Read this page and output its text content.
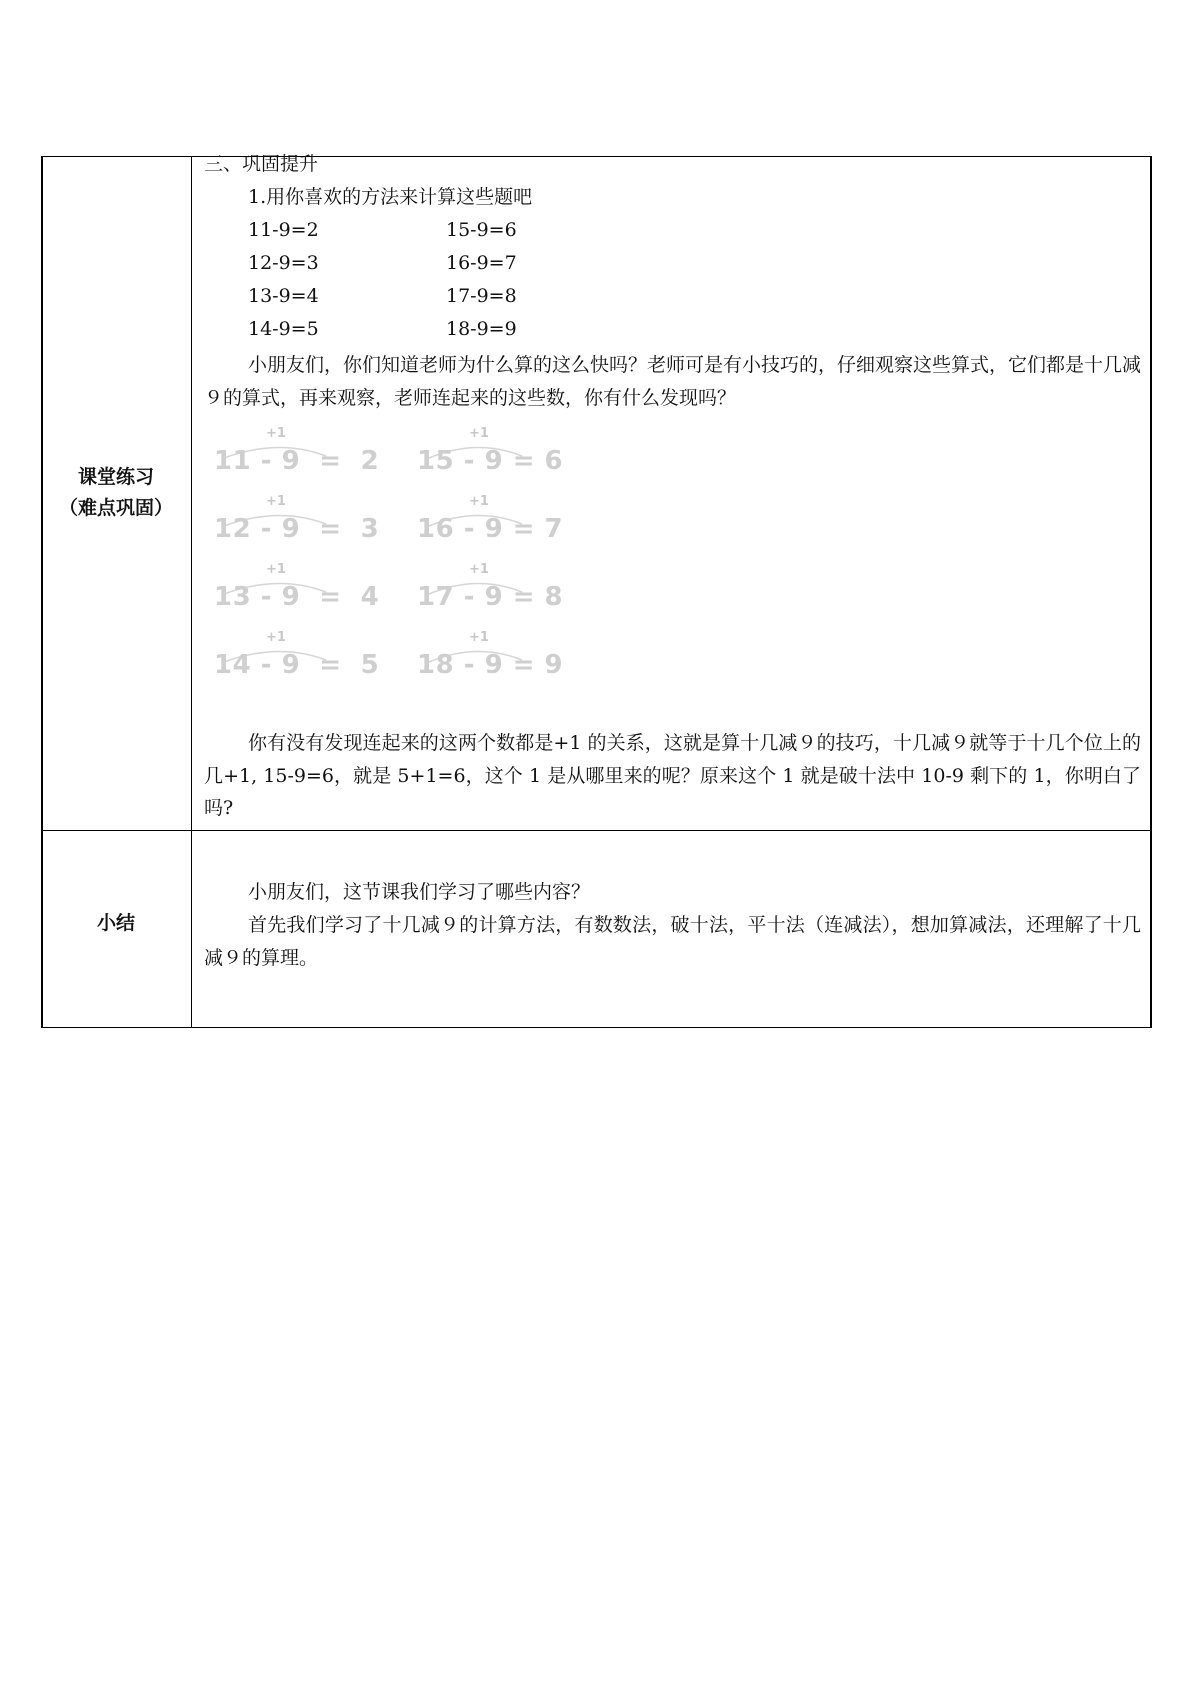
课堂练习
（难点巩固）
小结
三、巩固提升
1.用你喜欢的方法来计算这些题吧
11-9=2
12-9=3
13-9=4
14-9=5
15-9=6
16-9=7
17-9=8
18-9=9
小朋友们，你们知道老师为什么算的这么快吗？老师可是有小技巧的，仔细观察这些算式，它们都是十几减９的算式，再来观察，老师连起来的这些数，你有什么发现吗？
+1
11 - 9  =  2
+1
12 - 9  =  3
+1
13 - 9  =  4
+1
14 - 9  =  5
+1
15 - 9 = 6
+1
16 - 9 = 7
+1
17 - 9 = 8
+1
18 - 9 = 9
你有没有发现连起来的这两个数都是+1 的关系，这就是算十几减９的技巧，十几减９就等于十几个位上的几+1, 15-9=6，就是 5+1=6，这个 1 是从哪里来的呢？原来这个 1 就是破十法中 10-9 剩下的 1，你明白了吗?
小朋友们，这节课我们学习了哪些内容？
首先我们学习了十几减９的计算方法，有数数法，破十法，平十法（连减法），想加算减法，还理解了十几减９的算理。
